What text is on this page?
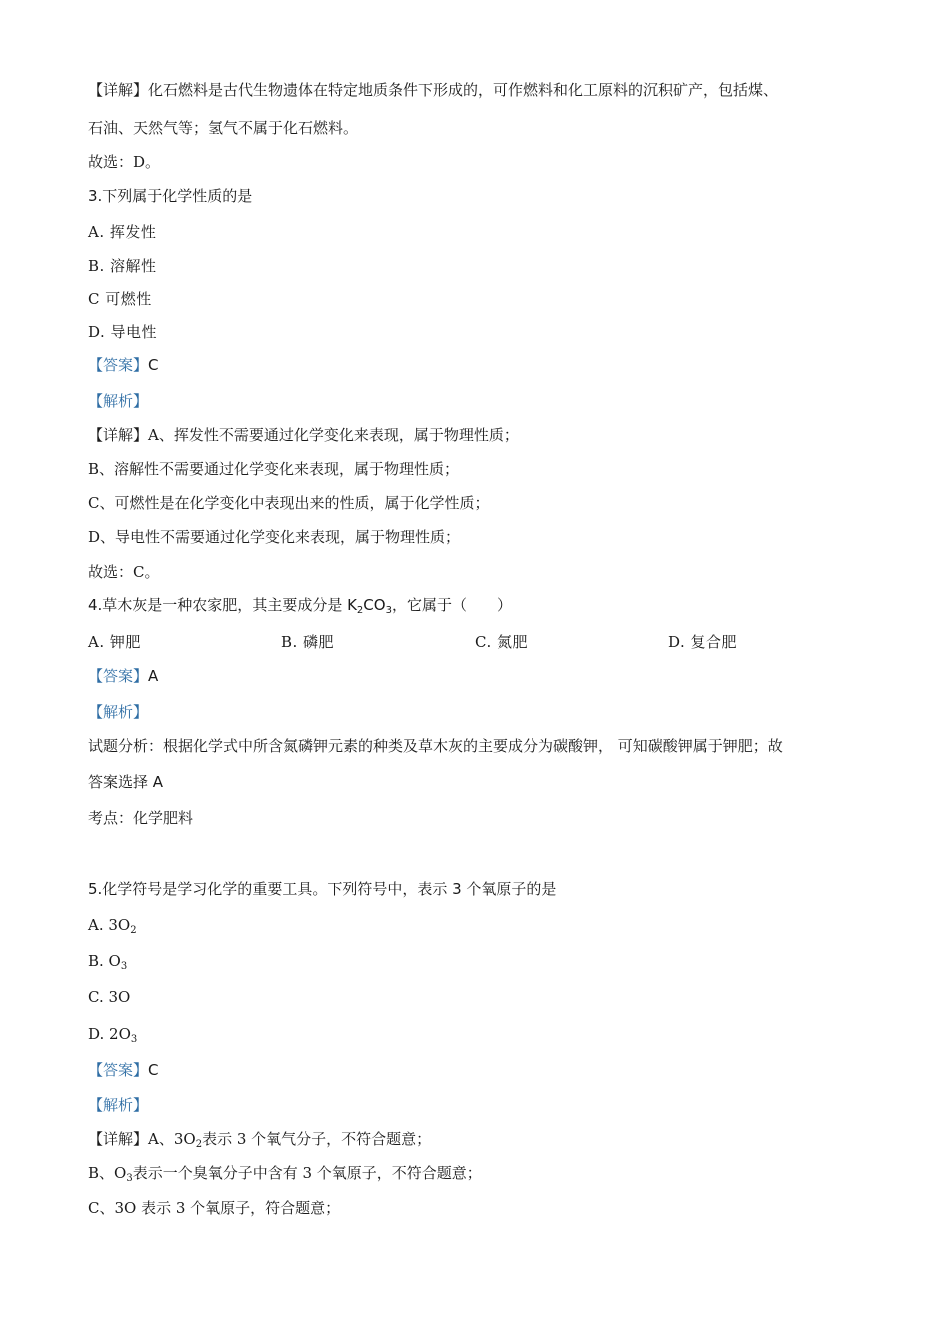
【详解】化石燃料是古代生物遗体在特定地质条件下形成的，可作燃料和化工原料的沉积矿产，包括煤、
石油、天然气等；氢气不属于化石燃料。
故选：D。
3.下列属于化学性质的是
A. 挥发性
B. 溶解性
C 可燃性
D. 导电性
【答案】C
【解析】
【详解】A、挥发性不需要通过化学变化来表现，属于物理性质；
B、溶解性不需要通过化学变化来表现，属于物理性质；
C、可燃性是在化学变化中表现出来的性质，属于化学性质；
D、导电性不需要通过化学变化来表现，属于物理性质；
故选：C。
4.草木灰是一种农家肥，其主要成分是 $K_2CO_3$，它属于（　　）
A. 钾肥	B. 磷肥	C. 氮肥	D. 复合肥
【答案】A
【解析】
试题分析：根据化学式中所含氮磷钾元素的种类及草木灰的主要成分为碳酸钾， 可知碳酸钾属于钾肥；故
答案选择 A
考点：化学肥料
5.化学符号是学习化学的重要工具。下列符号中，表示 3 个氧原子的是
A. $3O_2$
B. $O_3$
C. 3O
D. $2O_3$
【答案】C
【解析】
【详解】A、$3O_2$表示 3 个氧气分子，不符合题意；
B、$O_3$表示一个臭氧分子中含有 3 个氧原子，不符合题意；
C、3O 表示 3 个氧原子，符合题意；
